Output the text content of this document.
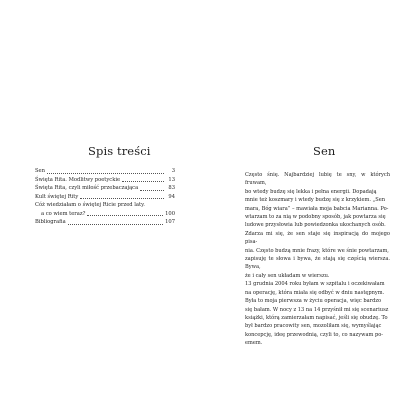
Spis treści
Sen	3
Święta Rita. Modlitwy poetyckie	13
Święta Rita, czyli miłość przebaczająca	83
Kult świętej Rity	94
Cóż wiedziałam o świętej Ricie przed laty.
a co wiem teraz?	100
Bibliografia	107
Sen

Często śnię. Najbardziej lubię te sny, w których fruwam,

bo wtedy budzę się lekka i pełna energii. Dopadają

mnie też koszmary i wtedy budzę się z krzykiem. „Sen

mara, Bóg wiara” – mawiała moja babcia Marianna. Po-

wtarzam to za nią w podobny sposób, jak powtarza się

ludowe przysłowia lub powiedzonka ukochanych osób.

Zdarza mi się, że sen staje się inspiracją do mojego pisa-

nia. Często budzą mnie frazy, które we śnie powtarzam,

zapisuję te słowa i bywa, że stają się częścią wiersza. Bywa,

że i cały sen układam w wierszu.

13 grudnia 2004 roku byłam w szpitalu i oczekiwałam

na operację, która miała się odbyć w dniu następnym.

Była to moja pierwsza w życiu operacja, więc bardzo

się bałam. W nocy z 13 na 14 przyśnił mi się scenariusz

książki, którą zamierzałam napisać, jeśli się obudzę. To

był bardzo pracowity sen, mozoliłam się, wymyślając

koncepcję, ideę przewodnią, czyli to, co nazywam po-

emem.
